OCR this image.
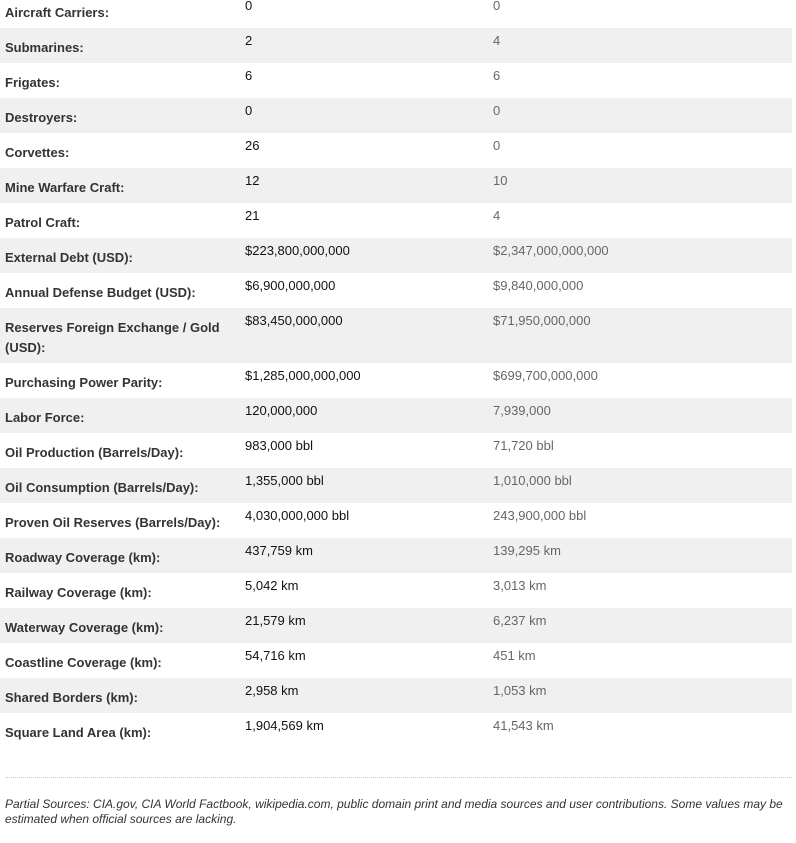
Aircraft Carriers:	0	0
Submarines:	2	4
Frigates:	6	6
Destroyers:	0	0
Corvettes:	26	0
Mine Warfare Craft:	12	10
Patrol Craft:	21	4
External Debt (USD):	$223,800,000,000	$2,347,000,000,000
Annual Defense Budget (USD):	$6,900,000,000	$9,840,000,000
Reserves Foreign Exchange / Gold (USD):	$83,450,000,000	$71,950,000,000
Purchasing Power Parity:	$1,285,000,000,000	$699,700,000,000
Labor Force:	120,000,000	7,939,000
Oil Production (Barrels/Day):	983,000 bbl	71,720 bbl
Oil Consumption (Barrels/Day):	1,355,000 bbl	1,010,000 bbl
Proven Oil Reserves (Barrels/Day):	4,030,000,000 bbl	243,900,000 bbl
Roadway Coverage (km):	437,759 km	139,295 km
Railway Coverage (km):	5,042 km	3,013 km
Waterway Coverage (km):	21,579 km	6,237 km
Coastline Coverage (km):	54,716 km	451 km
Shared Borders (km):	2,958 km	1,053 km
Square Land Area (km):	1,904,569 km	41,543 km
Partial Sources: CIA.gov, CIA World Factbook, wikipedia.com, public domain print and media sources and user contributions. Some values may be estimated when official sources are lacking.
